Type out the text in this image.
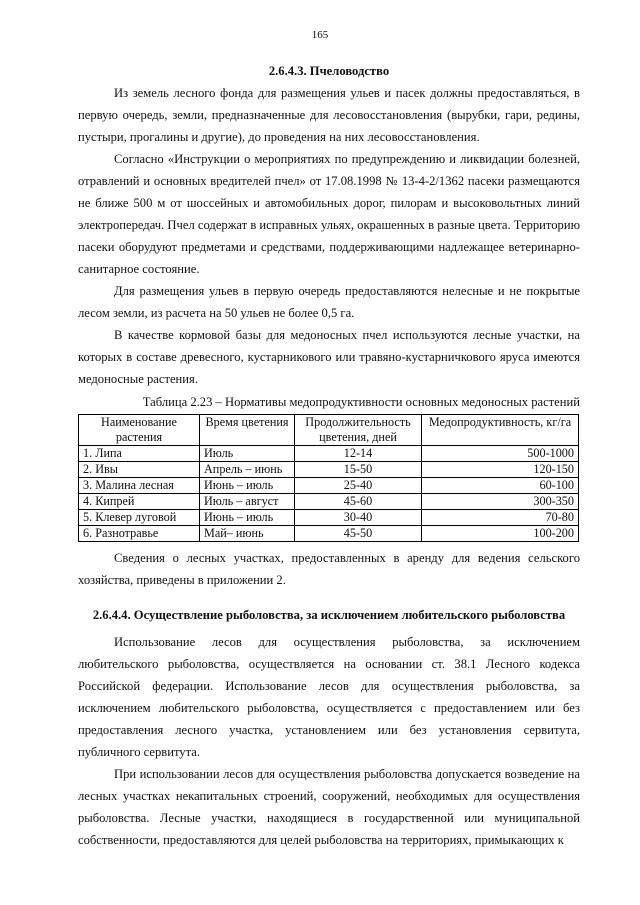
165
2.6.4.3. Пчеловодство

Из земель лесного фонда для размещения ульев и пасек должны предоставляться, в первую очередь, земли, предназначенные для лесовосстановления (вырубки, гари, редины, пустыри, прогалины и другие), до проведения на них лесовосстановления.

Согласно «Инструкции о мероприятиях по предупреждению и ликвидации болезней, отравлений и основных вредителей пчел» от 17.08.1998 № 13-4-2/1362 пасеки размещаются не ближе 500 м от шоссейных и автомобильных дорог, пилорам и высоковольтных линий электропередач. Пчел содержат в исправных ульях, окрашенных в разные цвета. Территорию пасеки оборудуют предметами и средствами, поддерживающими надлежащее ветеринарно-санитарное состояние.

Для размещения ульев в первую очередь предоставляются нелесные и не покрытые лесом земли, из расчета на 50 ульев не более 0,5 га.

В качестве кормовой базы для медоносных пчел используются лесные участки, на которых в составе древесного, кустарникового или травяно-кустарничкового яруса имеются медоносные растения.

Таблица 2.23 – Нормативы медопродуктивности основных медоносных растений

Наименование растения	Время цветения	Продолжительность цветения, дней	Медопродуктивность, кг/га
1. Липа	Июль	12-14	500-1000
2. Ивы	Апрель – июнь	15-50	120-150
3. Малина лесная	Июнь – июль	25-40	60-100
4. Кипрей	Июль – август	45-60	300-350
5. Клевер луговой	Июнь – июль	30-40	70-80
6. Разнотравье	Май– июнь	45-50	100-200

Сведения о лесных участках, предоставленных в аренду для ведения сельского хозяйства, приведены в приложении 2.

2.6.4.4. Осуществление рыболовства, за исключением любительского рыболовства

Использование лесов для осуществления рыболовства, за исключением любительского рыболовства, осуществляется на основании ст. 38.1 Лесного кодекса Российской федерации. Использование лесов для осуществления рыболовства, за исключением любительского рыболовства, осуществляется с предоставлением или без предоставления лесного участка, установлением или без установления сервитута, публичного сервитута.

При использовании лесов для осуществления рыболовства допускается возведение на лесных участках некапитальных строений, сооружений, необходимых для осуществления рыболовства. Лесные участки, находящиеся в государственной или муниципальной собственности, предоставляются для целей рыболовства на территориях, примыкающих к
